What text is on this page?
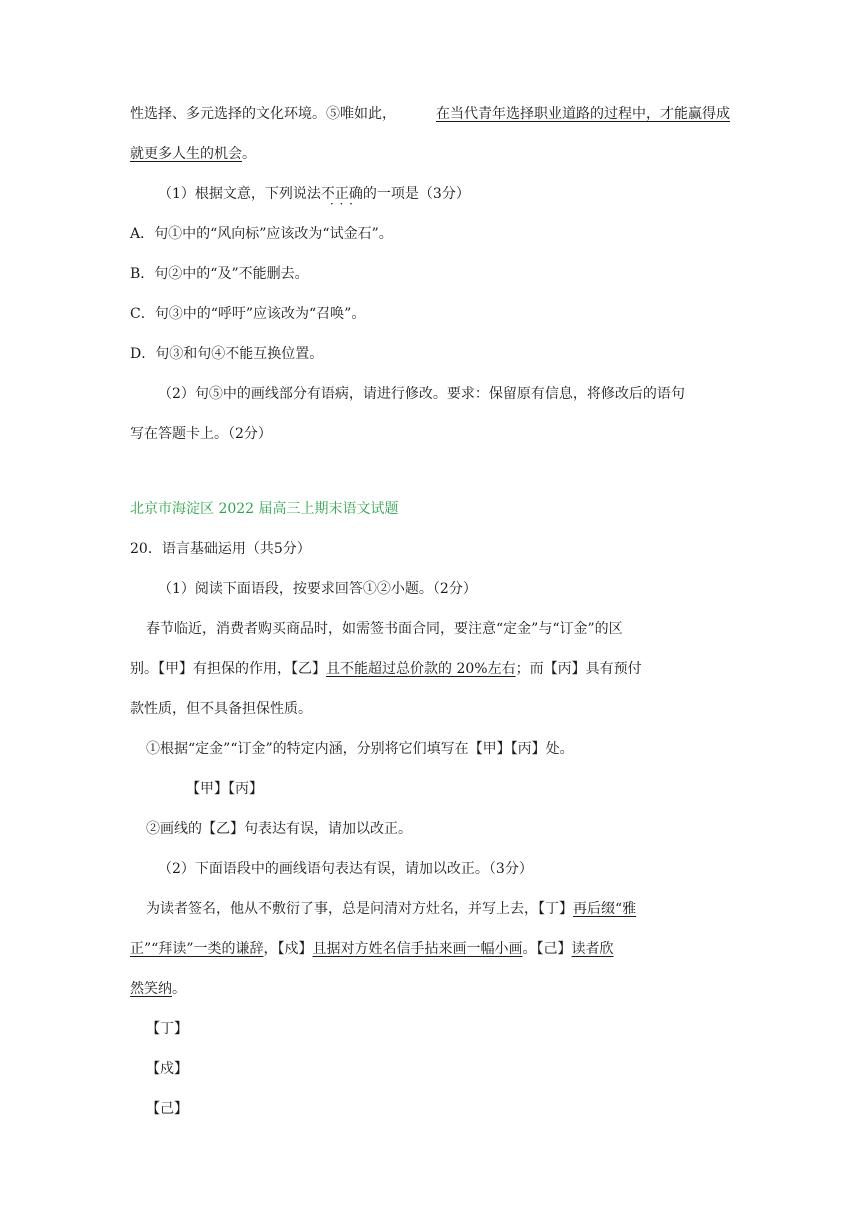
性选择、多元选择的文化环境。⑤唯如此，	在当代青年选择职业道路的过程中，才能赢得成
就更多人生的机会。
（1）根据文意，下列说法不正确 · · ·的一项是（3分）
A．句①中的“风向标”应该改为“试金石”。
B．句②中的“及”不能删去。
C．句③中的“呼吁”应该改为“召唤”。
D．句③和句④不能互换位置。
（2）句⑤中的画线部分有语病，请进行修改。要求：保留原有信息，将修改后的语句
写在答题卡上。（2分）
北京市海淀区 2022 届高三上期末语文试题
20．语言基础运用（共5分）
（1）阅读下面语段，按要求回答①②小题。（2分）
春节临近，消费者购买商品时，如需签书面合同，要注意“定金”与“订金”的区
别。【甲】有担保的作用，【乙】且不能超过总价款的 20%左右；而【丙】具有预付
款性质，但不具备担保性质。
①根据“定金”“订金”的特定内涵，分别将它们填写在【甲】【丙】处。
【甲】【丙】
②画线的【乙】句表达有误，请加以改正。
（2）下面语段中的画线语句表达有误，请加以改正。（3分）
为读者签名，他从不敷衍了事，总是问清对方灶名，并写上去，【丁】再后缀“雅
正”“拜读”一类的谦辞，【戍】且据对方姓名信手拈来画一幅小画。【己】读者欣
然笑纳。
【丁】
【戍】
【己】
